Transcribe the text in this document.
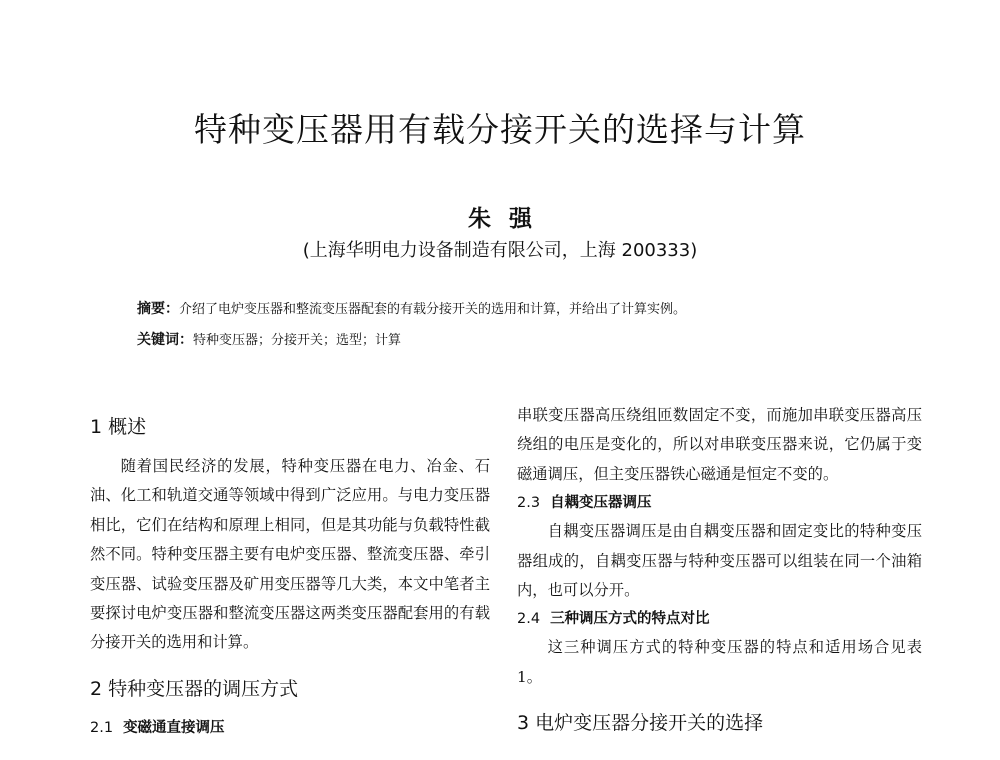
特种变压器用有载分接开关的选择与计算
朱强
(上海华明电力设备制造有限公司，上海 200333)
摘要：介绍了电炉变压器和整流变压器配套的有载分接开关的选用和计算，并给出了计算实例。
关键词：特种变压器；分接开关；选型；计算
1 概述

随着国民经济的发展，特种变压器在电力、冶金、石油、化工和轨道交通等领域中得到广泛应用。与电力变压器相比，它们在结构和原理上相同，但是其功能与负载特性截然不同。特种变压器主要有电炉变压器、整流变压器、牵引变压器、试验变压器及矿用变压器等几大类，本文中笔者主要探讨电炉变压器和整流变压器这两类变压器配套用的有载分接开关的选用和计算。

2 特种变压器的调压方式
2.1 变磁通直接调压

串联变压器高压绕组匝数固定不变，而施加串联变压器高压绕组的电压是变化的，所以对串联变压器来说，它仍属于变磁通调压，但主变压器铁心磁通是恒定不变的。

2.3 自耦变压器调压

自耦变压器调压是由自耦变压器和固定变比的特种变压器组成的，自耦变压器与特种变压器可以组装在同一个油箱内，也可以分开。

2.4 三种调压方式的特点对比

这三种调压方式的特种变压器的特点和适用场合见表1。

3 电炉变压器分接开关的选择
